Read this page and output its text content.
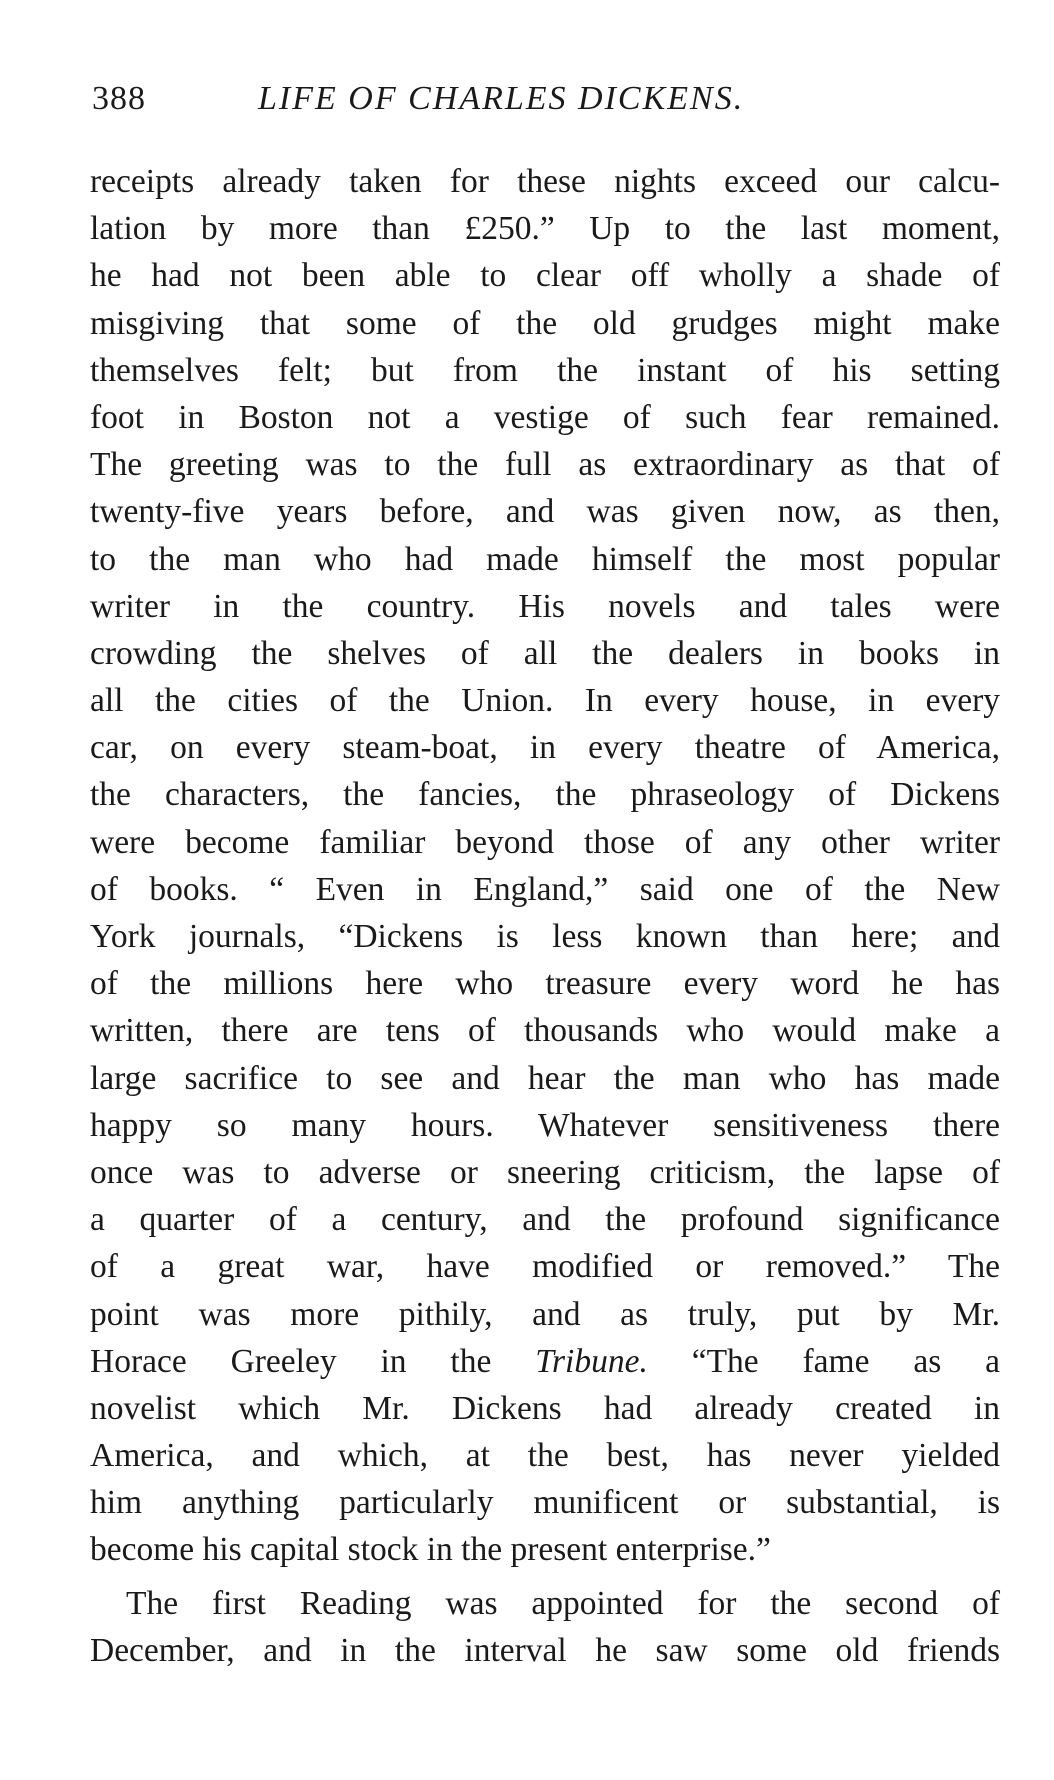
388	LIFE OF CHARLES DICKENS.
receipts already taken for these nights exceed our calcu-
lation by more than £250.” Up to the last moment,
he had not been able to clear off wholly a shade of
misgiving that some of the old grudges might make
themselves felt; but from the instant of his setting
foot in Boston not a vestige of such fear remained.
The greeting was to the full as extraordinary as that of
twenty-five years before, and was given now, as then,
to the man who had made himself the most popular
writer in the country. His novels and tales were
crowding the shelves of all the dealers in books in
all the cities of the Union. In every house, in every
car, on every steam-boat, in every theatre of America,
the characters, the fancies, the phraseology of Dickens
were become familiar beyond those of any other writer
of books. “ Even in England,” said one of the New
York journals, “Dickens is less known than here; and
of the millions here who treasure every word he has
written, there are tens of thousands who would make a
large sacrifice to see and hear the man who has made
happy so many hours. Whatever sensitiveness there
once was to adverse or sneering criticism, the lapse of
a quarter of a century, and the profound significance
of a great war, have modified or removed.” The
point was more pithily, and as truly, put by Mr.
Horace Greeley in the Tribune. “The fame as a
novelist which Mr. Dickens had already created in
America, and which, at the best, has never yielded
him anything particularly munificent or substantial, is
become his capital stock in the present enterprise.”
The first Reading was appointed for the second of
December, and in the interval he saw some old friends
